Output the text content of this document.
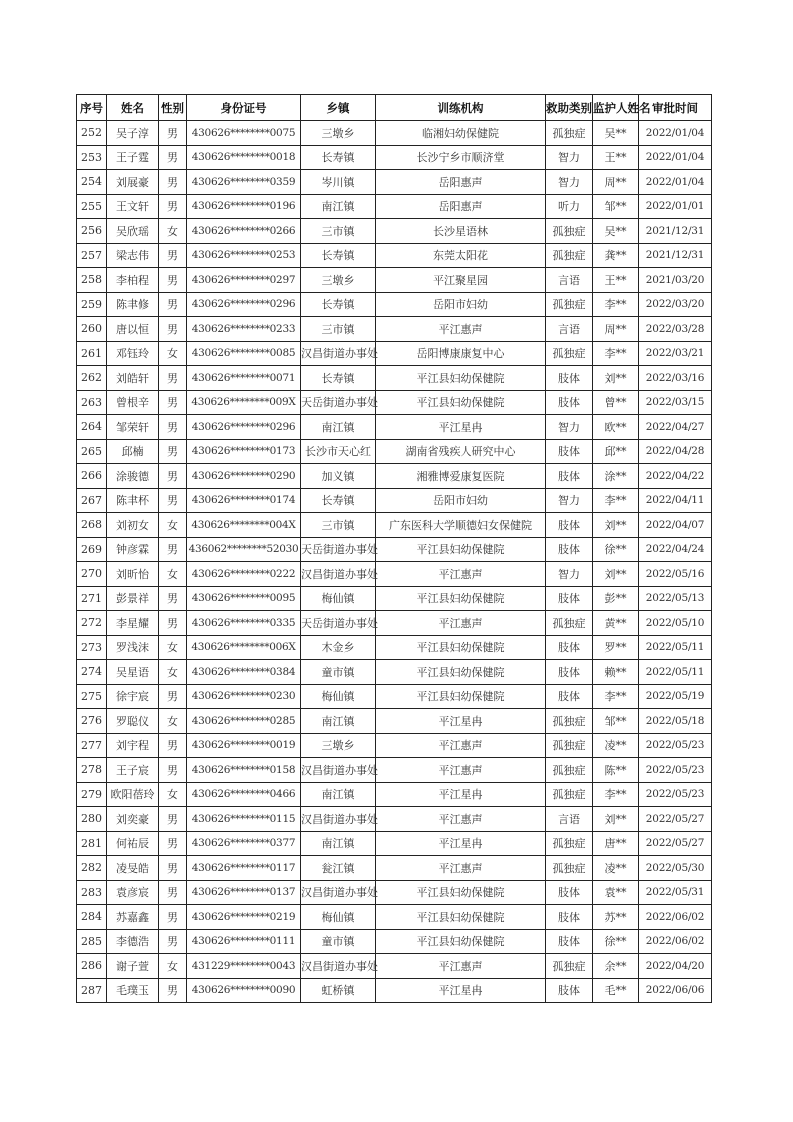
序号	姓名	性别	身份证号	乡镇	训练机构	救助类别	监护人姓名	审批时间
252	吴子淳	男	430626********0075	三墩乡	临湘妇幼保健院	孤独症	吴**	2022/01/04
253	王子霆	男	430626********0018	长寿镇	长沙宁乡市顺济堂	智力	王**	2022/01/04
254	刘展豪	男	430626********0359	岑川镇	岳阳惠声	智力	周**	2022/01/04
255	王文轩	男	430626********0196	南江镇	岳阳惠声	听力	邹**	2022/01/01
256	吴欣瑶	女	430626********0266	三市镇	长沙星语林	孤独症	吴**	2021/12/31
257	梁志伟	男	430626********0253	长寿镇	东莞太阳花	孤独症	龚**	2021/12/31
258	李柏程	男	430626********0297	三墩乡	平江聚星园	言语	王**	2021/03/20
259	陈聿修	男	430626********0296	长寿镇	岳阳市妇幼	孤独症	李**	2022/03/20
260	唐以恒	男	430626********0233	三市镇	平江惠声	言语	周**	2022/03/28
261	邓钰玲	女	430626********0085	汉昌街道办事处	岳阳博康康复中心	孤独症	李**	2022/03/21
262	刘皓轩	男	430626********0071	长寿镇	平江县妇幼保健院	肢体	刘**	2022/03/16
263	曾根辛	男	430626********009X	天岳街道办事处	平江县妇幼保健院	肢体	曾**	2022/03/15
264	邹荣轩	男	430626********0296	南江镇	平江星冉	智力	欧**	2022/04/27
265	邱楠	男	430626********0173	长沙市天心红	湖南省残疾人研究中心	肢体	邱**	2022/04/28
266	涂骏德	男	430626********0290	加义镇	湘雅博爱康复医院	肢体	涂**	2022/04/22
267	陈聿杯	男	430626********0174	长寿镇	岳阳市妇幼	智力	李**	2022/04/11
268	刘初女	女	430626********004X	三市镇	广东医科大学顺德妇女保健院	肢体	刘**	2022/04/07
269	钟彦霖	男	436062********52030	天岳街道办事处	平江县妇幼保健院	肢体	徐**	2022/04/24
270	刘昕怡	女	430626********0222	汉昌街道办事处	平江惠声	智力	刘**	2022/05/16
271	彭景祥	男	430626********0095	梅仙镇	平江县妇幼保健院	肢体	彭**	2022/05/13
272	李星耀	男	430626********0335	天岳街道办事处	平江惠声	孤独症	黄**	2022/05/10
273	罗浅沫	女	430626********006X	木金乡	平江县妇幼保健院	肢体	罗**	2022/05/11
274	吴星语	女	430626********0384	童市镇	平江县妇幼保健院	肢体	赖**	2022/05/11
275	徐宇宸	男	430626********0230	梅仙镇	平江县妇幼保健院	肢体	李**	2022/05/19
276	罗聪仪	女	430626********0285	南江镇	平江星冉	孤独症	邹**	2022/05/18
277	刘宇程	男	430626********0019	三墩乡	平江惠声	孤独症	凌**	2022/05/23
278	王子宸	男	430626********0158	汉昌街道办事处	平江惠声	孤独症	陈**	2022/05/23
279	欧阳蓓玲	女	430626********0466	南江镇	平江星冉	孤独症	李**	2022/05/23
280	刘奕豪	男	430626********0115	汉昌街道办事处	平江惠声	言语	刘**	2022/05/27
281	何祐辰	男	430626********0377	南江镇	平江星冉	孤独症	唐**	2022/05/27
282	凌旻皓	男	430626********0117	瓮江镇	平江惠声	孤独症	凌**	2022/05/30
283	袁彦宸	男	430626********0137	汉昌街道办事处	平江县妇幼保健院	肢体	袁**	2022/05/31
284	苏嘉鑫	男	430626********0219	梅仙镇	平江县妇幼保健院	肢体	苏**	2022/06/02
285	李德浩	男	430626********0111	童市镇	平江县妇幼保健院	肢体	徐**	2022/06/02
286	谢子萱	女	431229********0043	汉昌街道办事处	平江惠声	孤独症	余**	2022/04/20
287	毛璞玉	男	430626********0090	虹桥镇	平江星冉	肢体	毛**	2022/06/06
